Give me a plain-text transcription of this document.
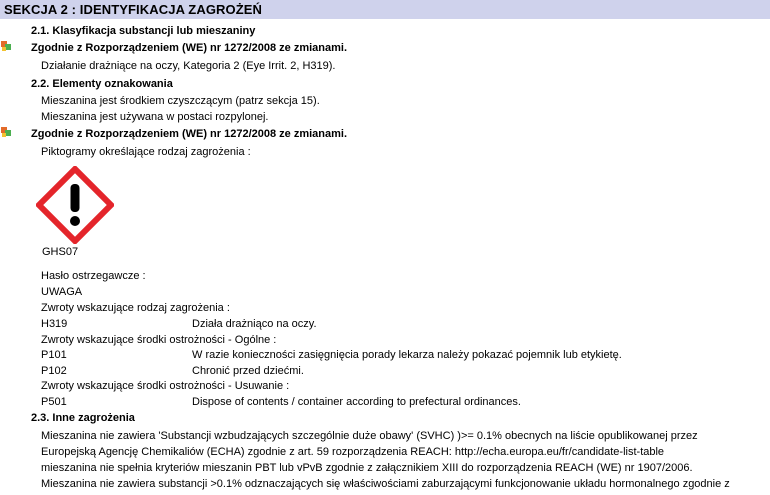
SEKCJA 2 : IDENTYFIKACJA ZAGROŻEŃ
2.1. Klasyfikacja substancji lub mieszaniny
Zgodnie z Rozporządzeniem (WE) nr 1272/2008 ze zmianami.
Działanie drażniące na oczy, Kategoria 2 (Eye Irrit. 2, H319).
2.2. Elementy oznakowania
Mieszanina jest środkiem czyszczącym (patrz sekcja 15).
Mieszanina jest używana w postaci rozpylonej.
Zgodnie z Rozporządzeniem (WE) nr 1272/2008 ze zmianami.
Piktogramy określające rodzaj zagrożenia :
GHS07
Hasło ostrzegawcze :
UWAGA
Zwroty wskazujące rodzaj zagrożenia :
H319	Działa drażniąco na oczy.
Zwroty wskazujące środki ostrożności - Ogólne :
P101	W razie konieczności zasięgnięcia porady lekarza należy pokazać pojemnik lub etykietę.
P102	Chronić przed dziećmi.
Zwroty wskazujące środki ostrożności - Usuwanie :
P501	Dispose of contents / container according to prefectural ordinances.
2.3. Inne zagrożenia
Mieszanina nie zawiera 'Substancji wzbudzających szczególnie duże obawy' (SVHC) )>= 0.1% obecnych na liście opublikowanej przez
Europejską Agencję Chemikaliów (ECHA) zgodnie z art. 59 rozporządzenia REACH: http://echa.europa.eu/fr/candidate-list-table
mieszanina nie spełnia kryteriów mieszanin PBT lub vPvB zgodnie z załącznikiem XIII do rozporządzenia REACH (WE) nr 1907/2006.
Mieszanina nie zawiera substancji >0.1% odznaczających się właściwościami zaburzającymi funkcjonowanie układu hormonalnego zgodnie z
